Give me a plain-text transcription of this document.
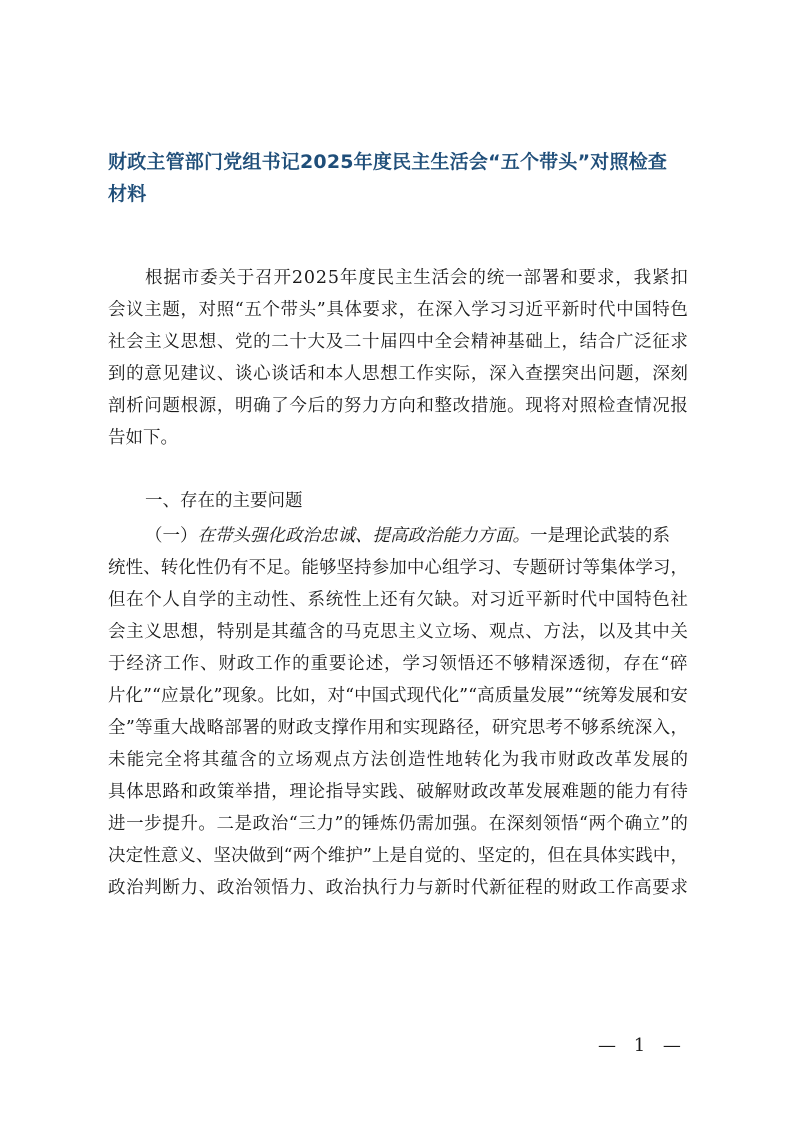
财政主管部门党组书记2025年度民主生活会“五个带头”对照检查
材料
根 据 市 委 关 于 召 开 2 0 2 5 年 度 民 主 生 活 会 的 统 一 部 署 和 要 求 ， 我 紧 扣
会 议 主 题 ， 对 照 “ 五 个 带 头 ” 具 体 要 求 ， 在 深 入 学 习 习 近 平 新 时 代 中 国 特 色
社 会 主 义 思 想 、 党 的 二 十 大 及 二 十 届 四 中 全 会 精 神 基 础 上 ， 结 合 广 泛 征 求
到 的 意 见 建 议 、 谈 心 谈 话 和 本 人 思 想 工 作 实 际 ， 深 入 查 摆 突 出 问 题 ， 深 刻
剖 析 问 题 根 源 ， 明 确 了 今 后 的 努 力 方 向 和 整 改 措 施 。 现 将 对 照 检 查 情 况 报
告如下。
一、存在的主要问题
（一） 在带头强化政治忠诚、提高政治能力方面。 一是理论武装的系
统 性 、 转 化 性 仍 有 不 足 。 能 够 坚 持 参 加 中 心 组 学 习 、 专 题 研 讨 等 集 体 学 习 ，
但 在 个 人 自 学 的 主 动 性 、 系 统 性 上 还 有 欠 缺 。 对 习 近 平 新 时 代 中 国 特 色 社
会 主 义 思 想 ， 特 别 是 其 蕴 含 的 马 克 思 主 义 立 场 、 观 点 、 方 法 ， 以 及 其 中 关
于 经 济 工 作 、 财 政 工 作 的 重 要 论 述 ， 学 习 领 悟 还 不 够 精 深 透 彻 ， 存 在 “ 碎
片 化 ” “ 应 景 化 ” 现 象 。 比 如 ， 对 “ 中 国 式 现 代 化 ” “ 高 质 量 发 展 ” “ 统 筹 发 展 和 安
全 ” 等 重 大 战 略 部 署 的 财 政 支 撑 作 用 和 实 现 路 径 ， 研 究 思 考 不 够 系 统 深 入 ，
未 能 完 全 将 其 蕴 含 的 立 场 观 点 方 法 创 造 性 地 转 化 为 我 市 财 政 改 革 发 展 的
具 体 思 路 和 政 策 举 措 ， 理 论 指 导 实 践 、 破 解 财 政 改 革 发 展 难 题 的 能 力 有 待
进 一 步 提 升 。 二 是 政 治 “ 三 力 ” 的 锤 炼 仍 需 加 强 。 在 深 刻 领 悟 “ 两 个 确 立 ” 的
决 定 性 意 义 、 坚 决 做 到 “ 两 个 维 护 ” 上 是 自 觉 的 、 坚 定 的 ， 但 在 具 体 实 践 中 ，
政 治 判 断 力 、 政 治 领 悟 力 、 政 治 执 行 力 与 新 时 代 新 征 程 的 财 政 工 作 高 要 求
— 1 —
